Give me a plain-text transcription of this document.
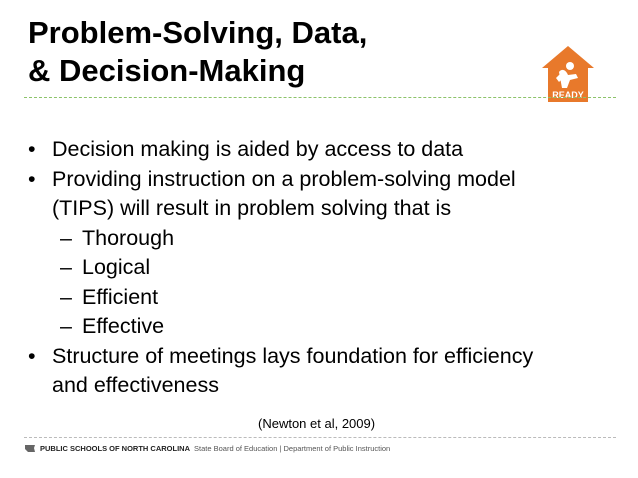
Problem-Solving, Data,
& Decision-Making
READY
• Decision making is aided by access to data
• Providing instruction on a problem-solving model
(TIPS) will result in problem solving that is
– Thorough
– Logical
– Efficient
– Effective
• Structure of meetings lays foundation for efficiency
and effectiveness
(Newton et al, 2009)
PUBLIC SCHOOLS OF NORTH CAROLINA State Board of Education | Department of Public Instruction
